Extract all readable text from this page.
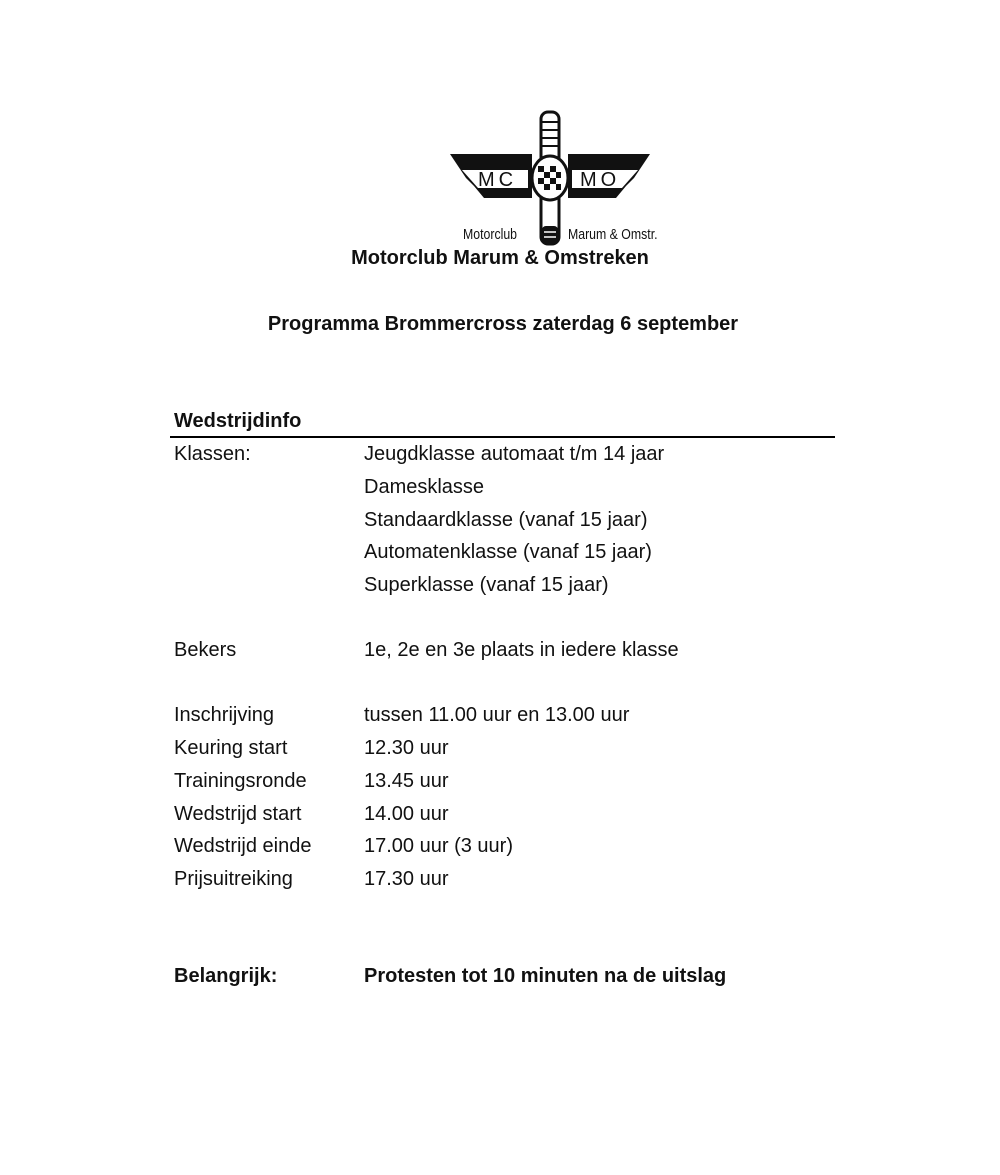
MC	MO
Motorclub	Marum & Omstr.
Motorclub Marum & Omstreken
Programma Brommercross zaterdag 6 september
Wedstrijdinfo
Klassen:	Jeugdklasse automaat t/m 14 jaar
Damesklasse
Standaardklasse (vanaf 15 jaar)
Automatenklasse (vanaf 15 jaar)
Superklasse (vanaf 15 jaar)
Bekers	1e, 2e en 3e plaats in iedere klasse
Inschrijving	tussen 11.00 uur en 13.00 uur
Keuring start	12.30 uur
Trainingsronde	13.45 uur
Wedstrijd start	14.00 uur
Wedstrijd einde	17.00 uur (3 uur)
Prijsuitreiking	17.30 uur
Belangrijk:	Protesten tot 10 minuten na de uitslag
